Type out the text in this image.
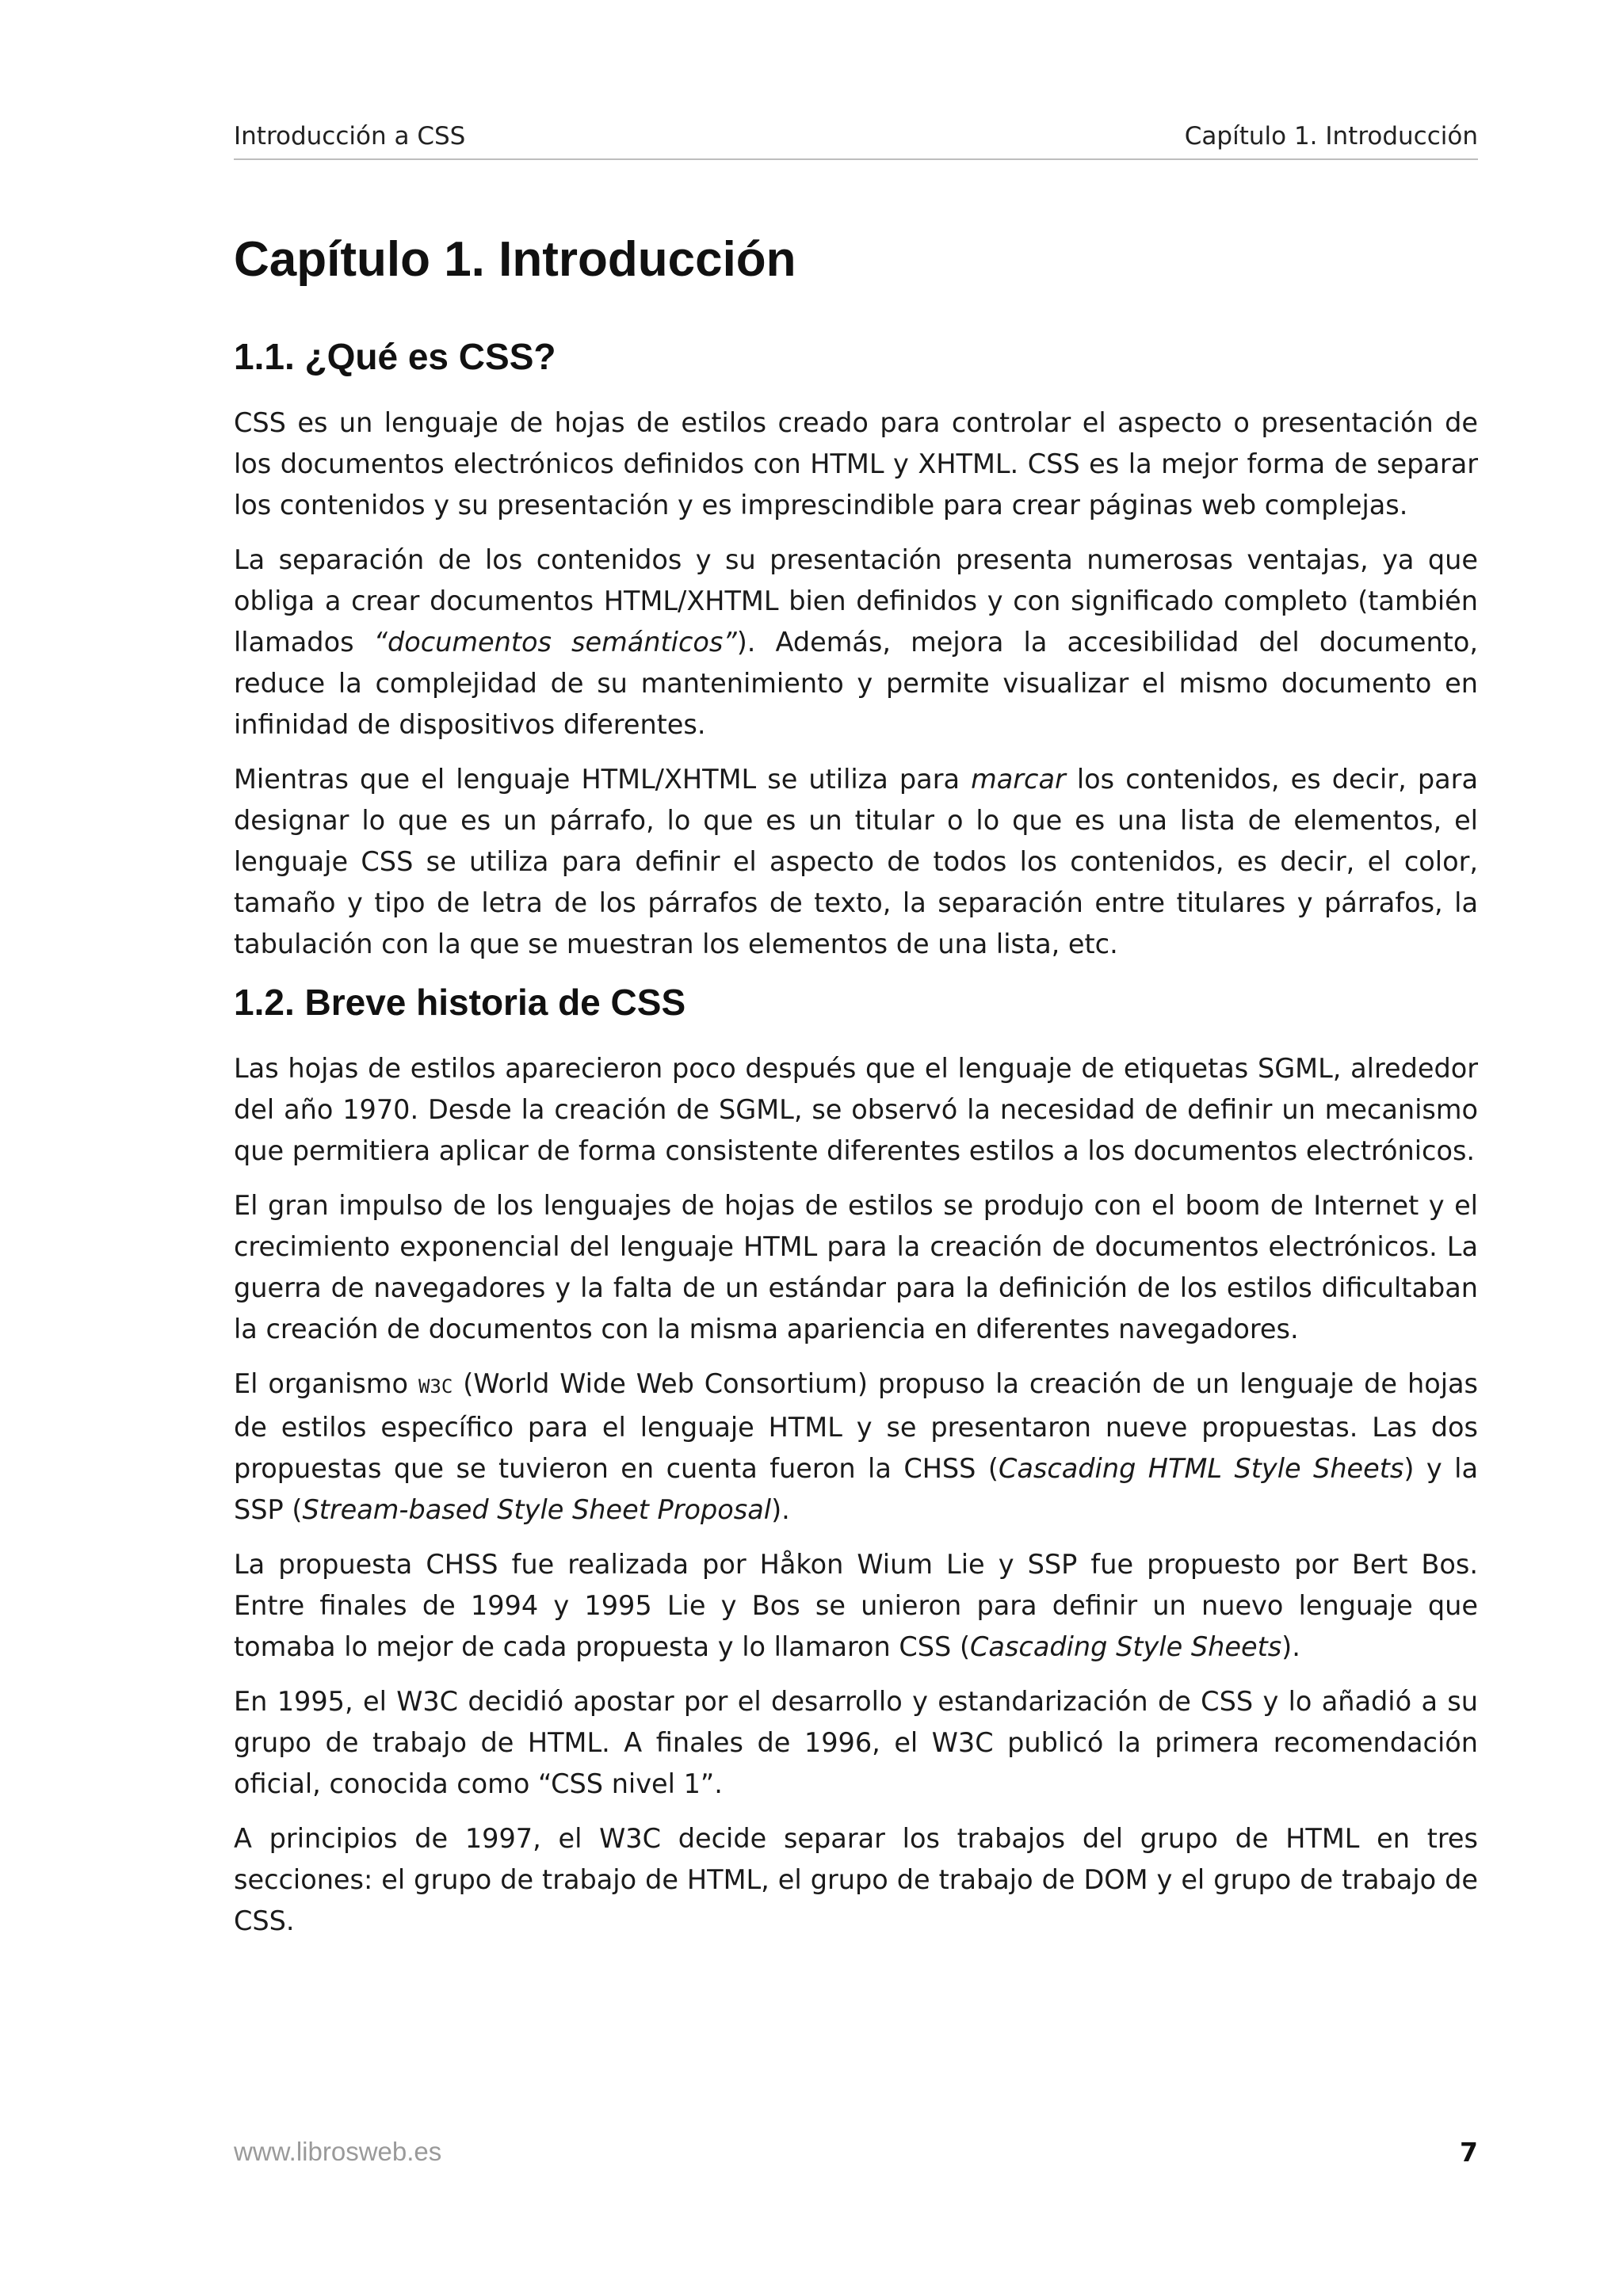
Introducción a CSS	Capítulo 1. Introducción
Capítulo 1. Introducción
1.1. ¿Qué es CSS?

CSS es un lenguaje de hojas de estilos creado para controlar el aspecto o presentación de los documentos electrónicos definidos con HTML y XHTML. CSS es la mejor forma de separar los contenidos y su presentación y es imprescindible para crear páginas web complejas.

La separación de los contenidos y su presentación presenta numerosas ventajas, ya que obliga a crear documentos HTML/XHTML bien definidos y con significado completo (también llamados “documentos semánticos”). Además, mejora la accesibilidad del documento, reduce la complejidad de su mantenimiento y permite visualizar el mismo documento en infinidad de dispositivos diferentes.

Mientras que el lenguaje HTML/XHTML se utiliza para marcar los contenidos, es decir, para designar lo que es un párrafo, lo que es un titular o lo que es una lista de elementos, el lenguaje CSS se utiliza para definir el aspecto de todos los contenidos, es decir, el color, tamaño y tipo de letra de los párrafos de texto, la separación entre titulares y párrafos, la tabulación con la que se muestran los elementos de una lista, etc.

1.2. Breve historia de CSS

Las hojas de estilos aparecieron poco después que el lenguaje de etiquetas SGML, alrededor del año 1970. Desde la creación de SGML, se observó la necesidad de definir un mecanismo que permitiera aplicar de forma consistente diferentes estilos a los documentos electrónicos.

El gran impulso de los lenguajes de hojas de estilos se produjo con el boom de Internet y el crecimiento exponencial del lenguaje HTML para la creación de documentos electrónicos. La guerra de navegadores y la falta de un estándar para la definición de los estilos dificultaban la creación de documentos con la misma apariencia en diferentes navegadores.

El organismo W3C (World Wide Web Consortium) propuso la creación de un lenguaje de hojas de estilos específico para el lenguaje HTML y se presentaron nueve propuestas. Las dos propuestas que se tuvieron en cuenta fueron la CHSS (Cascading HTML Style Sheets) y la SSP (Stream-based Style Sheet Proposal).

La propuesta CHSS fue realizada por Håkon Wium Lie y SSP fue propuesto por Bert Bos. Entre finales de 1994 y 1995 Lie y Bos se unieron para definir un nuevo lenguaje que tomaba lo mejor de cada propuesta y lo llamaron CSS (Cascading Style Sheets).

En 1995, el W3C decidió apostar por el desarrollo y estandarización de CSS y lo añadió a su grupo de trabajo de HTML. A finales de 1996, el W3C publicó la primera recomendación oficial, conocida como “CSS nivel 1”.

A principios de 1997, el W3C decide separar los trabajos del grupo de HTML en tres secciones: el grupo de trabajo de HTML, el grupo de trabajo de DOM y el grupo de trabajo de CSS.

www.librosweb.es	7
